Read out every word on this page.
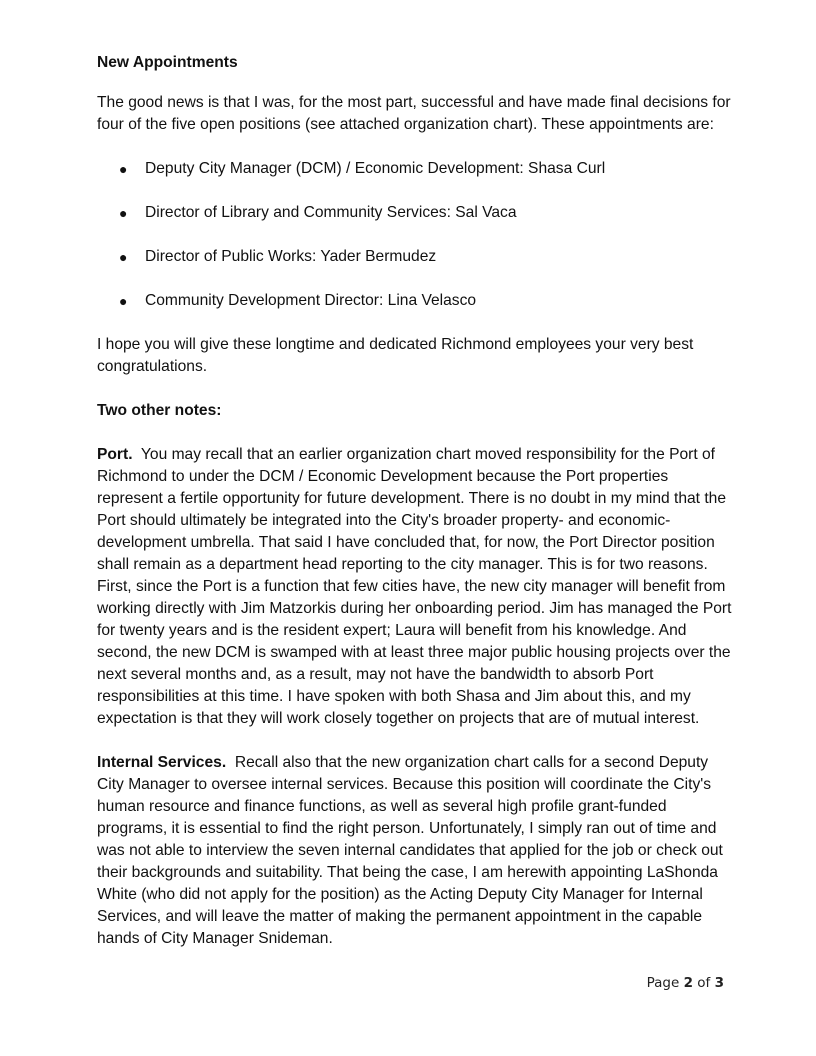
New Appointments

The good news is that I was, for the most part, successful and have made final decisions for four of the five open positions (see attached organization chart). These appointments are:

● Deputy City Manager (DCM) / Economic Development: Shasa Curl
● Director of Library and Community Services: Sal Vaca
● Director of Public Works: Yader Bermudez
● Community Development Director: Lina Velasco

I hope you will give these longtime and dedicated Richmond employees your very best congratulations.

Two other notes:

Port. You may recall that an earlier organization chart moved responsibility for the Port of Richmond to under the DCM / Economic Development because the Port properties represent a fertile opportunity for future development. There is no doubt in my mind that the Port should ultimately be integrated into the City's broader property- and economic-development umbrella. That said I have concluded that, for now, the Port Director position shall remain as a department head reporting to the city manager. This is for two reasons. First, since the Port is a function that few cities have, the new city manager will benefit from working directly with Jim Matzorkis during her onboarding period. Jim has managed the Port for twenty years and is the resident expert; Laura will benefit from his knowledge. And second, the new DCM is swamped with at least three major public housing projects over the next several months and, as a result, may not have the bandwidth to absorb Port responsibilities at this time. I have spoken with both Shasa and Jim about this, and my expectation is that they will work closely together on projects that are of mutual interest.

Internal Services. Recall also that the new organization chart calls for a second Deputy City Manager to oversee internal services. Because this position will coordinate the City's human resource and finance functions, as well as several high profile grant-funded programs, it is essential to find the right person. Unfortunately, I simply ran out of time and was not able to interview the seven internal candidates that applied for the job or check out their backgrounds and suitability. That being the case, I am herewith appointing LaShonda White (who did not apply for the position) as the Acting Deputy City Manager for Internal Services, and will leave the matter of making the permanent appointment in the capable hands of City Manager Snideman.

Page 2 of 3
